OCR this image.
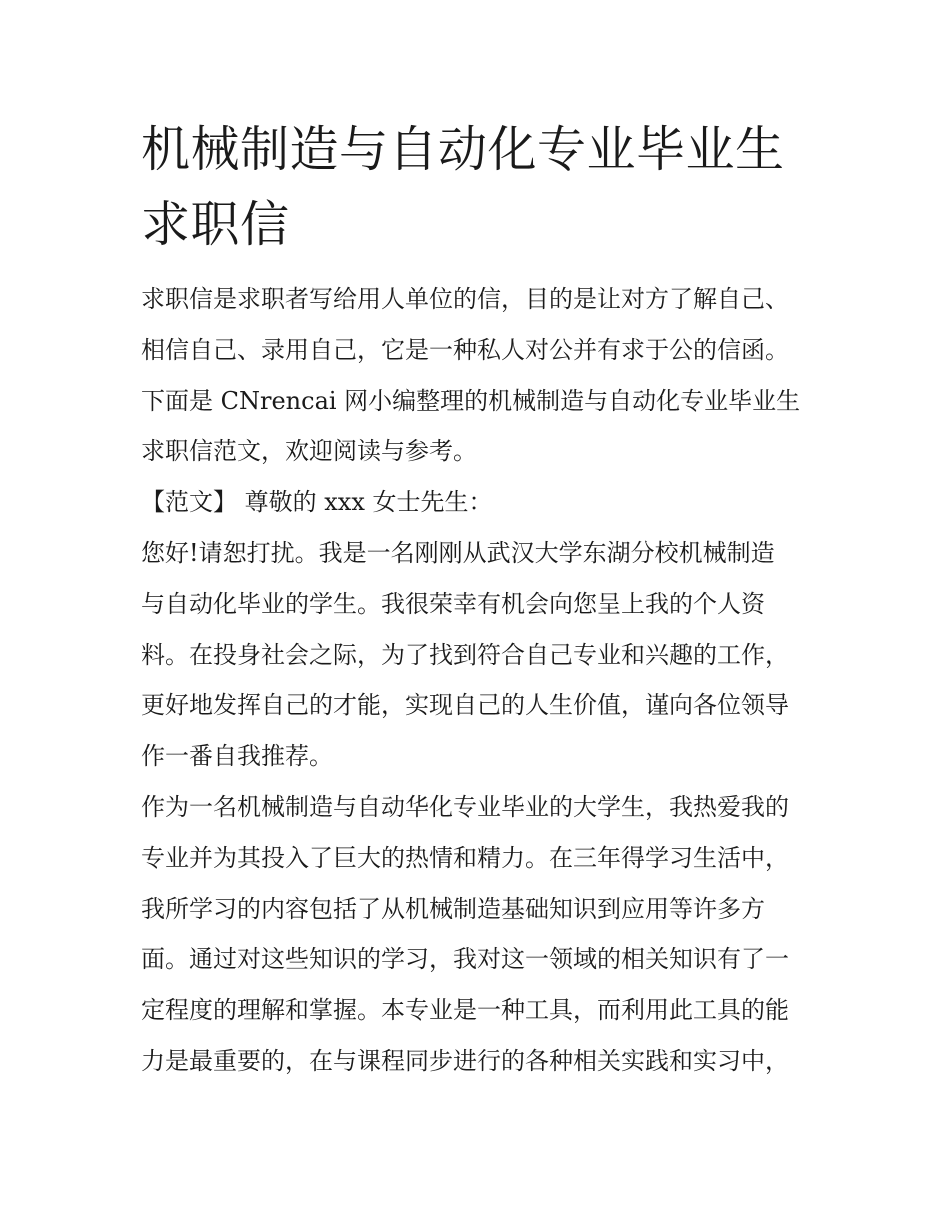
机械制造与自动化专业毕业生
求职信
求职信是求职者写给用人单位的信，目的是让对方了解自己、
相信自己、录用自己，它是一种私人对公并有求于公的信函。
下面是 CNrencai 网小编整理的机械制造与自动化专业毕业生
求职信范文，欢迎阅读与参考。
【范文】 尊敬的 xxx 女士先生：
您好!请恕打扰。我是一名刚刚从武汉大学东湖分校机械制造
与自动化毕业的学生。我很荣幸有机会向您呈上我的个人资
料。在投身社会之际，为了找到符合自己专业和兴趣的工作，
更好地发挥自己的才能，实现自己的人生价值，谨向各位领导
作一番自我推荐。
作为一名机械制造与自动华化专业毕业的大学生，我热爱我的
专业并为其投入了巨大的热情和精力。在三年得学习生活中，
我所学习的内容包括了从机械制造基础知识到应用等许多方
面。通过对这些知识的学习，我对这一领域的相关知识有了一
定程度的理解和掌握。本专业是一种工具，而利用此工具的能
力是最重要的，在与课程同步进行的各种相关实践和实习中，
